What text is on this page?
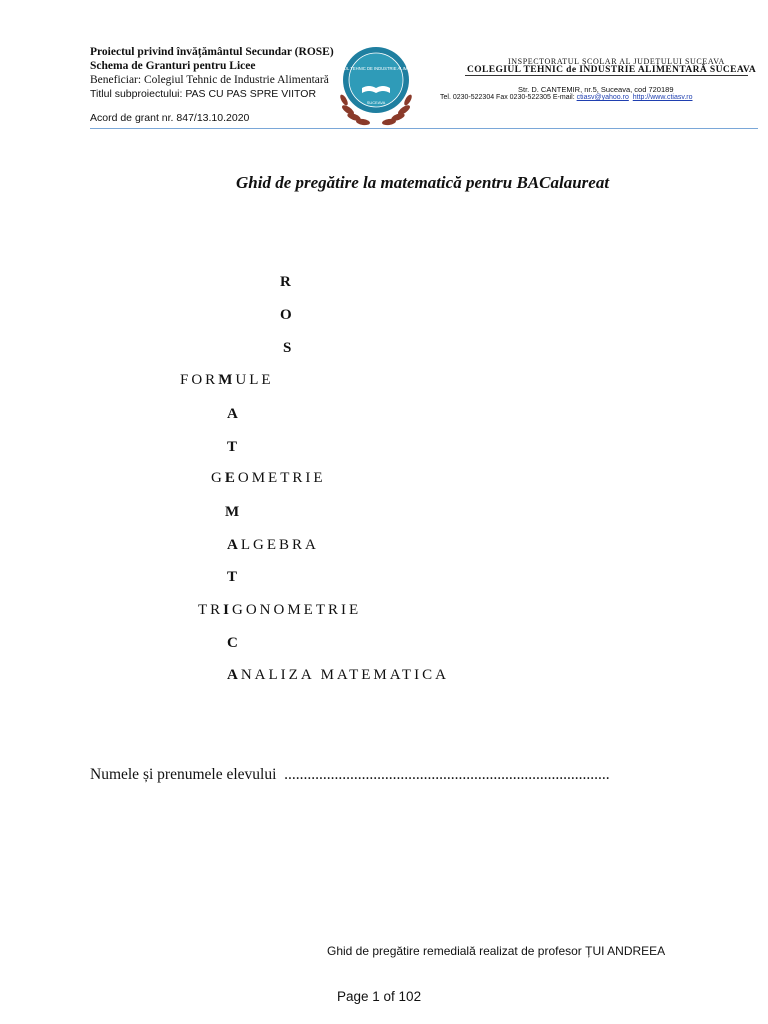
Proiectul privind învățământul Secundar (ROSE)
Schema de Granturi pentru Licee
Beneficiar: Colegiul Tehnic de Industrie Alimentară
Titlul subproiectului: PAS CU PAS SPRE VIITOR
Acord de grant nr. 847/13.10.2020
COLEGIUL TEHNIC DE INDUSTRIE ALIMENTARĂ
SUCEAVA
INSPECTORATUL ȘCOLAR AL JUDEȚULUI SUCEAVA
COLEGIUL TEHNIC de INDUSTRIE ALIMENTARĂ SUCEAVA
Str. D. CANTEMIR, nr.5, Suceava, cod 720189
Tel. 0230-522304 Fax 0230-522305 E-mail: ctiasv@yahoo.ro http://www.ctiasv.ro
Ghid de pregătire la matematică pentru BACalaureat
R
O
S
FORMULE
A
T
GEOMETRIE
M
ALGEBRA
T
TRIGONOMETRIE
C
ANALIZA MATEMATICA
Numele și prenumele elevului ....................................................................................
Ghid de pregătire remedială realizat de profesor ȚUI ANDREEA
Page 1 of 102
